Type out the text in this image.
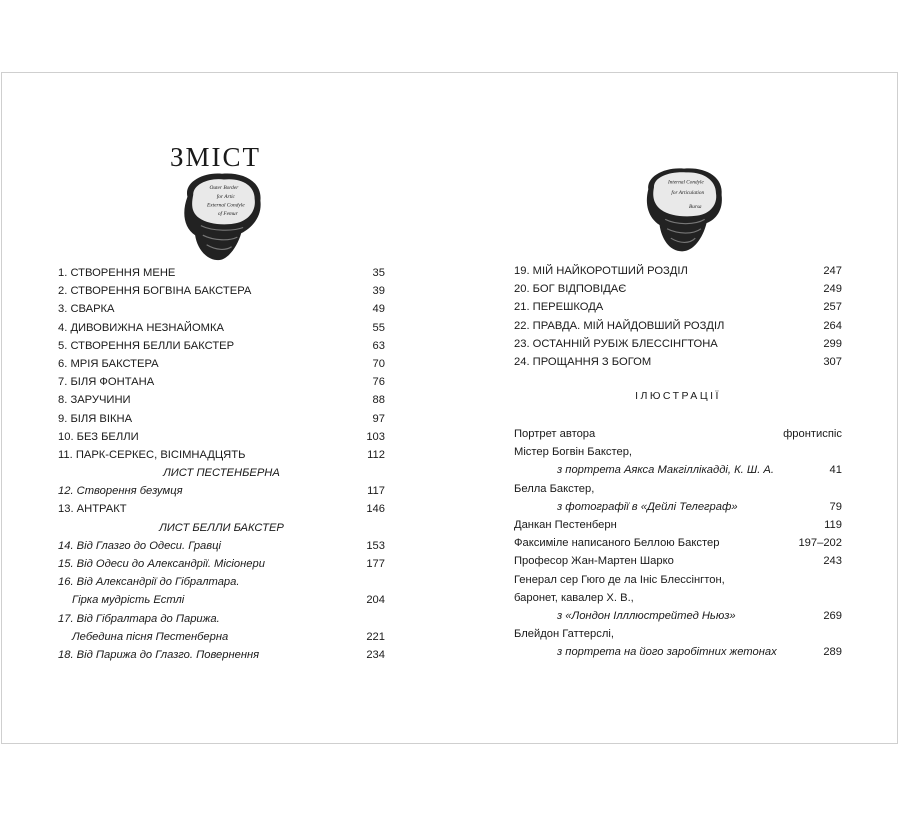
ЗМІСТ
Outer Border
for Artic
External Condyle
of Femur
Internal Condyle
for Articulation
Bursa
1. СТВОРЕННЯ МЕНЕ	35
2. СТВОРЕННЯ БОГВІНА БАКСТЕРА	39
3. СВАРКА	49
4. ДИВОВИЖНА НЕЗНАЙОМКА	55
5. СТВОРЕННЯ БЕЛЛИ БАКСТЕР	63
6. МРІЯ БАКСТЕРА	70
7. БІЛЯ ФОНТАНА	76
8. ЗАРУЧИНИ	88
9. БІЛЯ ВІКНА	97
10. БЕЗ БЕЛЛИ	103
11. ПАРК-СЕРКЕС, ВІСІМНАДЦЯТЬ	112
ЛИСТ ПЕСТЕНБЕРНА
12. Створення безумця	117
13. АНТРАКТ	146
ЛИСТ БЕЛЛИ БАКСТЕР
14. Від Глазго до Одеси. Гравці	153
15. Від Одеси до Александрії. Місіонери	177
16. Від Александрії до Гібралтара.
Гірка мудрість Естлі	204
17. Від Гібралтара до Парижа.
Лебедина пісня Пестенберна	221
18. Від Парижа до Глазго. Повернення	234
19. МІЙ НАЙКОРОТШИЙ РОЗДІЛ	247
20. БОГ ВІДПОВІДАЄ	249
21. ПЕРЕШКОДА	257
22. ПРАВДА. МІЙ НАЙДОВШИЙ РОЗДІЛ	264
23. ОСТАННІЙ РУБІЖ БЛЕССІНГТОНА	299
24. ПРОЩАННЯ З БОГОМ	307
ІЛЮСТРАЦІЇ
Портрет автора	фронтиспіс
Містер Богвін Бакстер,
з портрета Аякса Макгіллікадді, К. Ш. А.	41
Белла Бакстер,
з фотографії в «Дейлі Телеграф»	79
Данкан Пестенберн	119
Факсиміле написаного Беллою Бакстер	197–202
Професор Жан-Мартен Шарко	243
Генерал сер Гюго де ла Ініс Блессінгтон,
баронет, кавалер Х. В.,
з «Лондон Ілллюстрейтед Ньюз»	269
Блейдон Гаттерслі,
з портрета на його заробітних жетонах	289
